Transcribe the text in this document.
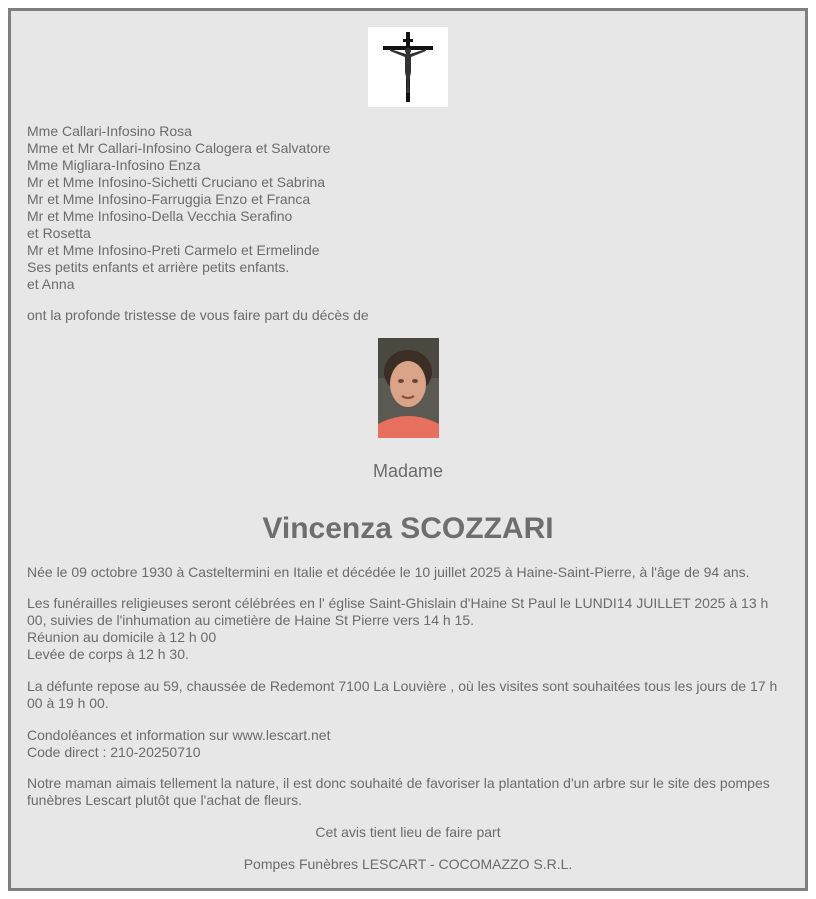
Mme Callari-Infosino Rosa
Mme et Mr Callari-Infosino Calogera et Salvatore
Mme Migliara-Infosino Enza
Mr et Mme Infosino-Sichetti Cruciano et Sabrina
Mr et Mme Infosino-Farruggia Enzo et Franca
Mr et Mme Infosino-Della Vecchia Serafino
et Rosetta
Mr et Mme Infosino-Preti Carmelo et Ermelinde
Ses petits enfants et arrière petits enfants.
et Anna
ont la profonde tristesse de vous faire part du décès de
Madame
Vincenza SCOZZARI
Née le 09 octobre 1930 à Casteltermini en Italie et décédée le 10 juillet 2025 à Haine-Saint-Pierre, à l'âge de 94 ans.
Les funérailles religieuses seront célébrées en l' église Saint-Ghislain d'Haine St Paul le LUNDI14 JUILLET 2025 à 13 h 00, suivies de l'inhumation au cimetière de Haine St Pierre vers 14 h 15.
Réunion au domicile à 12 h 00
Levée de corps à 12 h 30.
La défunte repose au 59, chaussée de Redemont 7100 La Louvière , où les visites sont souhaitées tous les jours de 17 h 00 à 19 h 00.
Condoléances et information sur www.lescart.net
Code direct : 210-20250710
Notre maman aimais tellement la nature, il est donc souhaité de favoriser la plantation d'un arbre sur le site des pompes funèbres Lescart plutôt que l'achat de fleurs.
Cet avis tient lieu de faire part
Pompes Funèbres LESCART - COCOMAZZO S.R.L.
